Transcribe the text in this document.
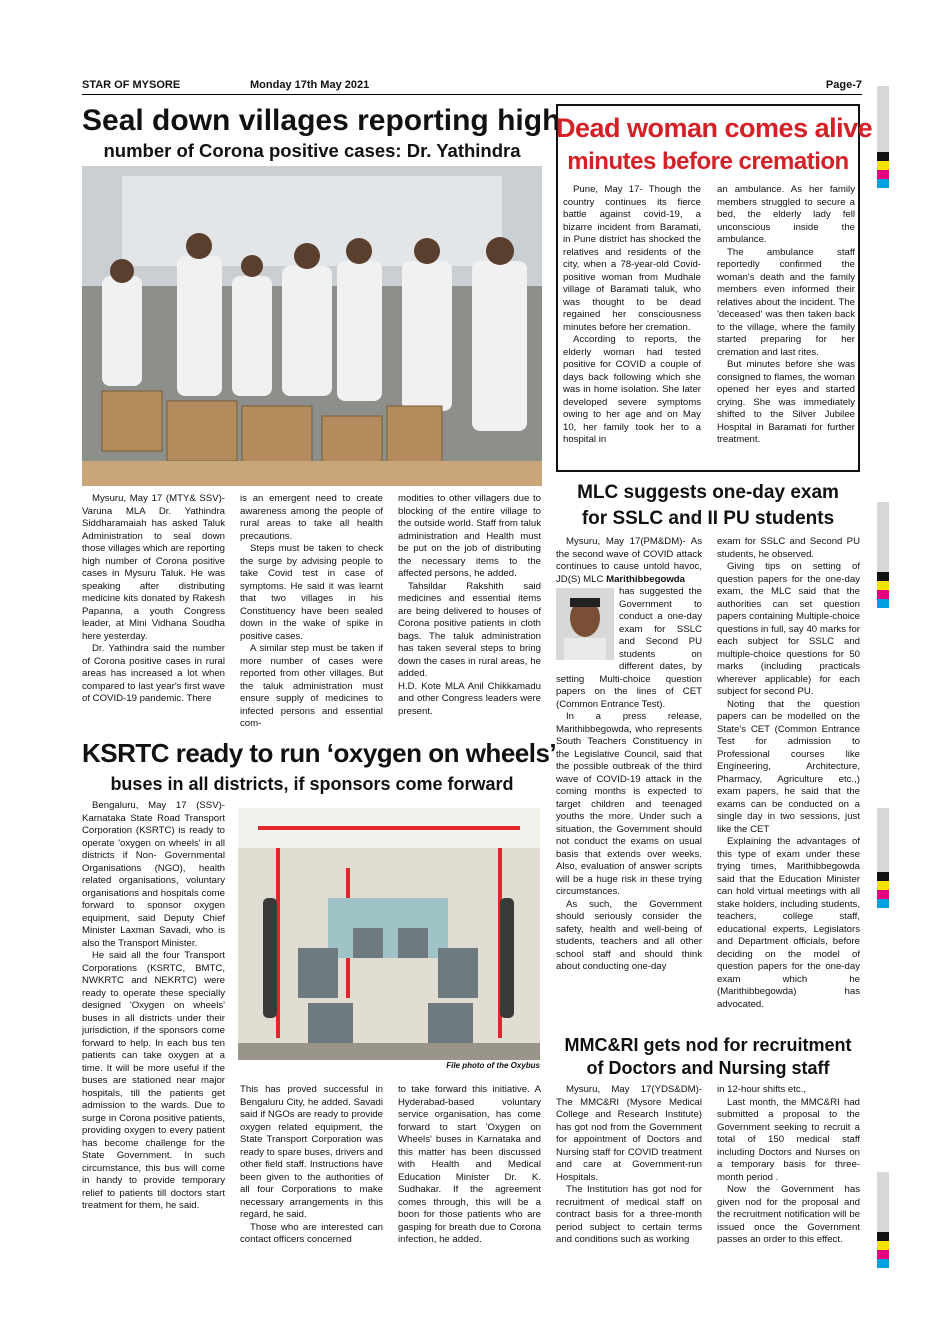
STAR OF MYSORE	Monday 17th May 2021	Page-7
Seal down villages reporting high
number of Corona positive cases: Dr. Yathindra

Mysuru, May 17 (MTY& SSV)- Varuna MLA Dr. Yathindra Siddharamaiah has asked Taluk Administration to seal down those villages which are reporting high number of Corona positive cases in Mysuru Taluk. He was speaking after distributing medicine kits donated by Rakesh Papanna, a youth Congress leader, at Mini Vidhana Soudha here yesterday.

Dr. Yathindra said the number of Corona positive cases in rural areas has increased a lot when compared to last year's first wave of COVID-19 pandemic. There

is an emergent need to create awareness among the people of rural areas to take all health precautions.

Steps must be taken to check the surge by advising people to take Covid test in case of symptoms. He said it was learnt that two villages in his Constituency have been sealed down in the wake of spike in positive cases.

A similar step must be taken if more number of cases were reported from other villages. But the taluk administration must ensure supply of medicines to infected persons and essential com-

modities to other villagers due to blocking of the entire village to the outside world. Staff from taluk administration and Health must be put on the job of distributing the necessary items to the affected persons, he added.

Tahsildar Rakshith said medicines and essential items are being delivered to houses of Corona positive patients in cloth bags. The taluk administration has taken several steps to bring down the cases in rural areas, he added.

H.D. Kote MLA Anil Chikkamadu and other Congress leaders were present.

Dead woman comes alive
minutes before cremation

Pune, May 17- Though the country continues its fierce battle against covid-19, a bizarre incident from Baramati, in Pune district has shocked the relatives and residents of the city, when a 78-year-old Covid-positive woman from Mudhale village of Baramati taluk, who was thought to be dead regained her consciousness minutes before her cremation.

According to reports, the elderly woman had tested positive for COVID a couple of days back following which she was in home isolation. She later developed severe symptoms owing to her age and on May 10, her family took her to a hospital in

an ambulance. As her family members struggled to secure a bed, the elderly lady fell unconscious inside the ambulance.

The ambulance staff reportedly confirmed the woman's death and the family members even informed their relatives about the incident. The 'deceased' was then taken back to the village, where the family started preparing for her cremation and last rites.

But minutes before she was consigned to flames, the woman opened her eyes and started crying. She was immediately shifted to the Silver Jubilee Hospital in Baramati for further treatment.

MLC suggests one-day exam
for SSLC and II PU students

Mysuru, May 17(PM&DM)- As the second wave of COVID attack continues to cause untold havoc, JD(S) MLC Marithibbegowda

has suggested the Government to conduct a one-day exam for SSLC and Second PU students on different dates, by setting Multi-choice question papers on the lines of CET (Common Entrance Test).

In a press release, Marithibbegowda, who represents South Teachers Constituency in the Legislative Council, said that the possible outbreak of the third wave of COVID-19 attack in the coming months is expected to target children and teenaged youths the more. Under such a situation, the Government should not conduct the exams on usual basis that extends over weeks. Also, evaluation of answer scripts will be a huge risk in these trying circumstances.

As such, the Government should seriously consider the safety, health and well-being of students, teachers and all other school staff and should think about conducting one-day

exam for SSLC and Second PU students, he observed.

Giving tips on setting of question papers for the one-day exam, the MLC said that the authorities can set question papers containing Multiple-choice questions in full, say 40 marks for each subject for SSLC and multiple-choice questions for 50 marks (including practicals wherever applicable) for each subject for second PU.

Noting that the question papers can be modelled on the State's CET (Common Entrance Test for admission to Professional courses like Engineering, Architecture, Pharmacy, Agriculture etc.,) exam papers, he said that the exams can be conducted on a single day in two sessions, just like the CET

Explaining the advantages of this type of exam under these trying times, Marithibbegowda said that the Education Minister can hold virtual meetings with all stake holders, including students, teachers, college staff, educational experts, Legislators and Department officials, before deciding on the model of question papers for the one-day exam which he (Marithibbegowda) has advocated.

KSRTC ready to run ‘oxygen on wheels’
buses in all districts, if sponsors come forward

Bengaluru, May 17 (SSV)- Karnataka State Road Transport Corporation (KSRTC) is ready to operate 'oxygen on wheels' in all districts if Non- Governmental Organisations (NGO), health related organisations, voluntary organisations and hospitals come forward to sponsor oxygen equipment, said Deputy Chief Minister Laxman Savadi, who is also the Transport Minister.

He said all the four Transport Corporations (KSRTC, BMTC, NWKRTC and NEKRTC) were ready to operate these specially designed 'Oxygen on wheels' buses in all districts under their jurisdiction, if the sponsors come forward to help. In each bus ten patients can take oxygen at a time. It will be more useful if the buses are stationed near major hospitals, till the patients get admission to the wards. Due to surge in Corona positive patients, providing oxygen to every patient has become challenge for the State Government. In such circumstance, this bus will come in handy to provide temporary relief to patients till doctors start treatment for them, he said.

File photo of the Oxybus

This has proved successful in Bengaluru City, he added. Savadi said if NGOs are ready to provide oxygen related equipment, the State Transport Corporation was ready to spare buses, drivers and other field staff. Instructions have been given to the authorities of all four Corporations to make necessary arrangements in this regard, he said.

Those who are interested can contact officers concerned

to take forward this initiative. A Hyderabad-based voluntary service organisation, has come forward to start 'Oxygen on Wheels' buses in Karnataka and this matter has been discussed with Health and Medical Education Minister Dr. K. Sudhakar. If the agreement comes through, this will be a boon for those patients who are gasping for breath due to Corona infection, he added.

MMC&RI gets nod for recruitment
of Doctors and Nursing staff

Mysuru, May 17(YDS&DM)- The MMC&RI (Mysore Medical College and Research Institute) has got nod from the Government for appointment of Doctors and Nursing staff for COVID treatment and care at Government-run Hospitals.

The Institution has got nod for recruitment of medical staff on contract basis for a three-month period subject to certain terms and conditions such as working

in 12-hour shifts etc.,

Last month, the MMC&RI had submitted a proposal to the Government seeking to recruit a total of 150 medical staff including Doctors and Nurses on a temporary basis for three-month period .

Now the Government has given nod for the proposal and the recruitment notification will be issued once the Government passes an order to this effect.
